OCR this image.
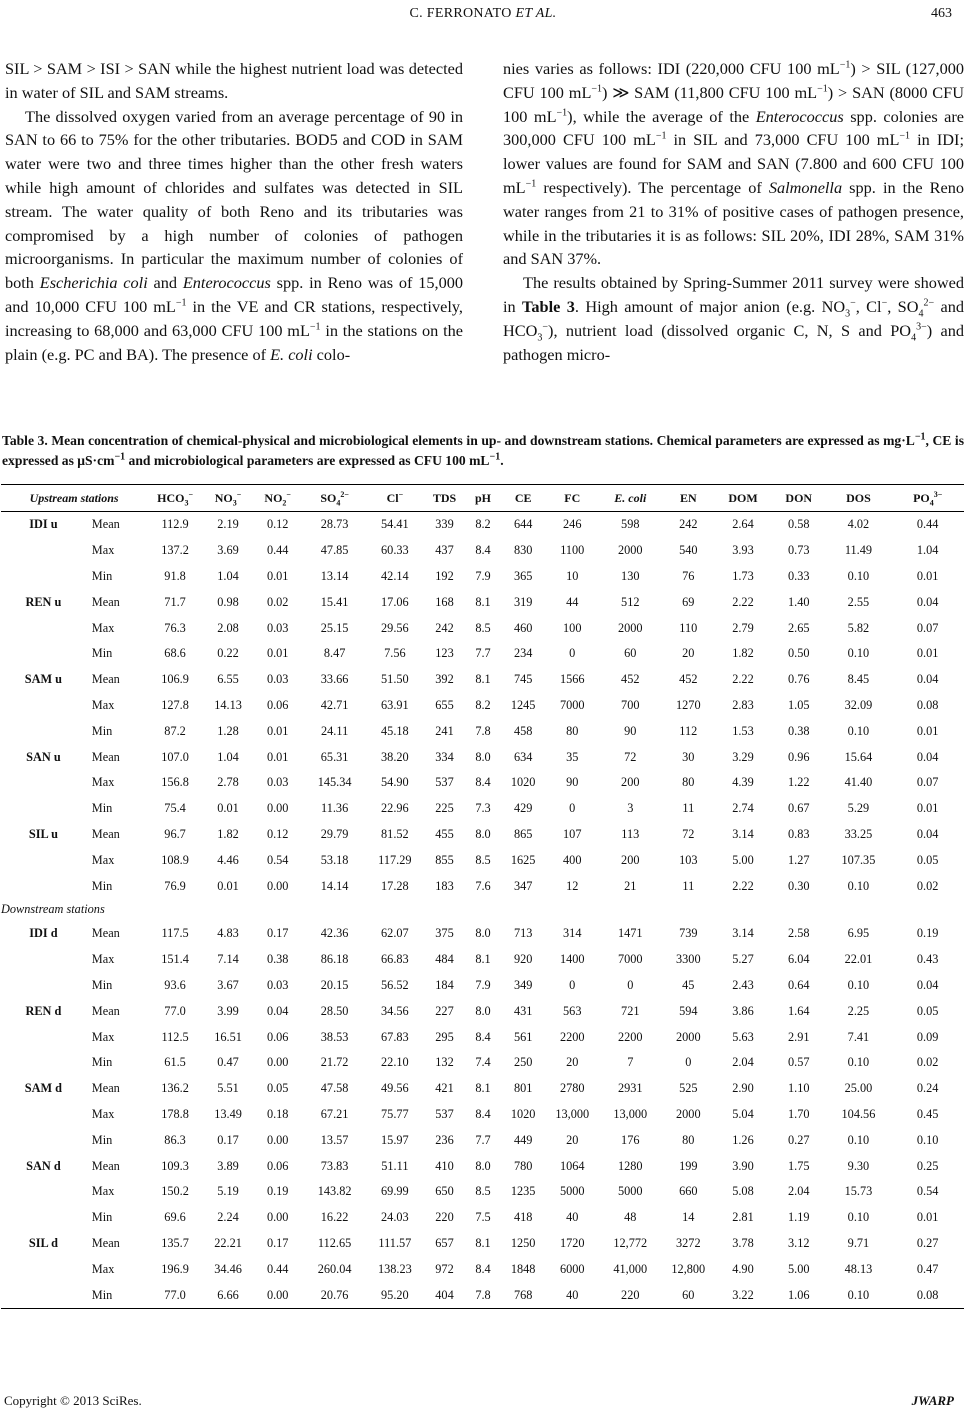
C. FERRONATO ET AL.	463

SIL > SAM > ISI > SAN while the highest nutrient load was detected in water of SIL and SAM streams.

The dissolved oxygen varied from an average percentage of 90 in SAN to 66 to 75% for the other tributaries. BOD5 and COD in SAM water were two and three times higher than the other fresh waters while high amount of chlorides and sulfates was detected in SIL stream. The water quality of both Reno and its tributaries was compromised by a high number of colonies of pathogen microorganisms. In particular the maximum number of colonies of both Escherichia coli and Enterococcus spp. in Reno was of 15,000 and 10,000 CFU 100 $mL^{-1}$ in the VE and CR stations, respectively, increasing to 68,000 and 63,000 CFU 100 $mL^{-1}$ in the stations on the plain (e.g. PC and BA). The presence of E. coli colo-

nies varies as follows: IDI (220,000 CFU 100 $mL^{-1}$) > SIL (127,000 CFU 100 $mL^{-1}$) ≫ SAM (11,800 CFU 100 $mL^{-1}$) > SAN (8000 CFU 100 $mL^{-1}$), while the average of the Enterococcus spp. colonies are 300,000 CFU 100 $mL^{-1}$ in SIL and 73,000 CFU 100 $mL^{-1}$ in IDI; lower values are found for SAM and SAN (7.800 and 600 CFU 100 $mL^{-1}$ respectively). The percentage of Salmonella spp. in the Reno water ranges from 21 to 31% of positive cases of pathogen presence, while in the tributaries it is as follows: SIL 20%, IDI 28%, SAM 31% and SAN 37%.

The results obtained by Spring-Summer 2011 survey were showed in Table 3. High amount of major anion (e.g. $NO_3^-$, Cl−, $SO_4^{2-}$ and $HCO_3^-$), nutrient load (dissolved organic C, N, S and $PO_4^{3-}$) and pathogen micro-

Table 3. Mean concentration of chemical-physical and microbiological elements in up- and downstream stations. Chemical parameters are expressed as $mg\cdot L^{-1}$, CE is expressed as $\mu S\cdot cm^{-1}$ and microbiological parameters are expressed as CFU 100 $mL^{-1}$.
Upstream stations		$HCO_3^-$	$NO_3^-$	$NO_2^-$	$SO_4^{2-}$	Cl−	TDS	pH	CE	FC	E. coli	EN	DOM	DON	DOS	$PO_4^{3-}$
IDI u	Mean	112.9	2.19	0.12	28.73	54.41	339	8.2	644	246	598	242	2.64	0.58	4.02	0.44
	Max	137.2	3.69	0.44	47.85	60.33	437	8.4	830	1100	2000	540	3.93	0.73	11.49	1.04
	Min	91.8	1.04	0.01	13.14	42.14	192	7.9	365	10	130	76	1.73	0.33	0.10	0.01
REN u	Mean	71.7	0.98	0.02	15.41	17.06	168	8.1	319	44	512	69	2.22	1.40	2.55	0.04
	Max	76.3	2.08	0.03	25.15	29.56	242	8.5	460	100	2000	110	2.79	2.65	5.82	0.07
	Min	68.6	0.22	0.01	8.47	7.56	123	7.7	234	0	60	20	1.82	0.50	0.10	0.01
SAM u	Mean	106.9	6.55	0.03	33.66	51.50	392	8.1	745	1566	452	452	2.22	0.76	8.45	0.04
	Max	127.8	14.13	0.06	42.71	63.91	655	8.2	1245	7000	700	1270	2.83	1.05	32.09	0.08
	Min	87.2	1.28	0.01	24.11	45.18	241	7.8	458	80	90	112	1.53	0.38	0.10	0.01
SAN u	Mean	107.0	1.04	0.01	65.31	38.20	334	8.0	634	35	72	30	3.29	0.96	15.64	0.04
	Max	156.8	2.78	0.03	145.34	54.90	537	8.4	1020	90	200	80	4.39	1.22	41.40	0.07
	Min	75.4	0.01	0.00	11.36	22.96	225	7.3	429	0	3	11	2.74	0.67	5.29	0.01
SIL u	Mean	96.7	1.82	0.12	29.79	81.52	455	8.0	865	107	113	72	3.14	0.83	33.25	0.04
	Max	108.9	4.46	0.54	53.18	117.29	855	8.5	1625	400	200	103	5.00	1.27	107.35	0.05
	Min	76.9	0.01	0.00	14.14	17.28	183	7.6	347	12	21	11	2.22	0.30	0.10	0.02
Downstream stations																
IDI d	Mean	117.5	4.83	0.17	42.36	62.07	375	8.0	713	314	1471	739	3.14	2.58	6.95	0.19
	Max	151.4	7.14	0.38	86.18	66.83	484	8.1	920	1400	7000	3300	5.27	6.04	22.01	0.43
	Min	93.6	3.67	0.03	20.15	56.52	184	7.9	349	0	0	45	2.43	0.64	0.10	0.04
REN d	Mean	77.0	3.99	0.04	28.50	34.56	227	8.0	431	563	721	594	3.86	1.64	2.25	0.05
	Max	112.5	16.51	0.06	38.53	67.83	295	8.4	561	2200	2200	2000	5.63	2.91	7.41	0.09
	Min	61.5	0.47	0.00	21.72	22.10	132	7.4	250	20	7	0	2.04	0.57	0.10	0.02
SAM d	Mean	136.2	5.51	0.05	47.58	49.56	421	8.1	801	2780	2931	525	2.90	1.10	25.00	0.24
	Max	178.8	13.49	0.18	67.21	75.77	537	8.4	1020	13,000	13,000	2000	5.04	1.70	104.56	0.45
	Min	86.3	0.17	0.00	13.57	15.97	236	7.7	449	20	176	80	1.26	0.27	0.10	0.10
SAN d	Mean	109.3	3.89	0.06	73.83	51.11	410	8.0	780	1064	1280	199	3.90	1.75	9.30	0.25
	Max	150.2	5.19	0.19	143.82	69.99	650	8.5	1235	5000	5000	660	5.08	2.04	15.73	0.54
	Min	69.6	2.24	0.00	16.22	24.03	220	7.5	418	40	48	14	2.81	1.19	0.10	0.01
SIL d	Mean	135.7	22.21	0.17	112.65	111.57	657	8.1	1250	1720	12,772	3272	3.78	3.12	9.71	0.27
	Max	196.9	34.46	0.44	260.04	138.23	972	8.4	1848	6000	41,000	12,800	4.90	5.00	48.13	0.47
	Min	77.0	6.66	0.00	20.76	95.20	404	7.8	768	40	220	60	3.22	1.06	0.10	0.08
Copyright © 2013 SciRes.	JWARP
